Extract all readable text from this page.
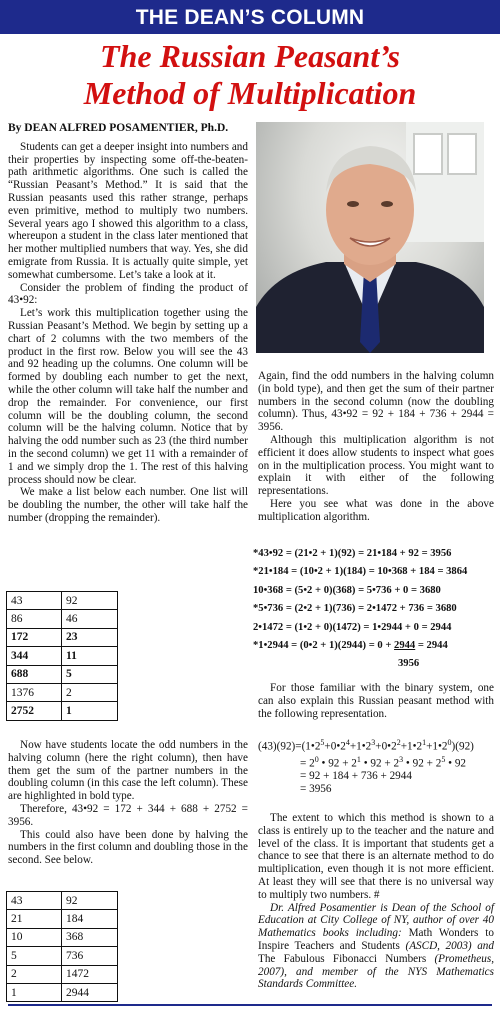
THE DEAN’S COLUMN
The Russian Peasant’s
Method of Multiplication

By DEAN ALFRED POSAMENTIER, Ph.D.

Students can get a deeper insight into numbers and their properties by inspecting some off-the-beaten-path arithmetic algorithms. One such is called the “Russian Peasant’s Method.” It is said that the Russian peasants used this rather strange, perhaps even primitive, method to multiply two numbers. Several years ago I showed this algorithm to a class, whereupon a student in the class later mentioned that her mother multiplied numbers that way. Yes, she did emigrate from Russia. It is actually quite simple, yet somewhat cumbersome. Let’s take a look at it.

Consider the problem of finding the product of 43•92:

Let’s work this multiplication together using the Russian Peasant’s Method. We begin by setting up a chart of 2 columns with the two members of the product in the first row. Below you will see the 43 and 92 heading up the columns. One column will be formed by doubling each number to get the next, while the other column will take half the number and drop the remainder. For convenience, our first column will be the doubling column, the second column will be the halving column. Notice that by halving the odd number such as 23 (the third number in the second column) we get 11 with a remainder of 1 and we simply drop the 1. The rest of this halving process should now be clear.

We make a list below each number. One list will be doubling the number, the other will take half the number (dropping the remainder).

43	92
86	46
172	23
344	11
688	5
1376	2
2752	1

Now have students locate the odd numbers in the halving column (here the right column), then have them get the sum of the partner numbers in the doubling column (in this case the left column). These are highlighted in bold type.

Therefore, 43•92 = 172 + 344 + 688 + 2752 = 3956.

This could also have been done by halving the numbers in the first column and doubling those in the second. See below.

43	92
21	184
10	368
5	736
2	1472
1	2944

Again, find the odd numbers in the halving column (in bold type), and then get the sum of their partner numbers in the second column (now the doubling column). Thus, 43•92 = 92 + 184 + 736 + 2944 = 3956.

Although this multiplication algorithm is not efficient it does allow students to inspect what goes on in the multiplication process. You might want to explain it with either of the following representations.

Here you see what was done in the above multiplication algorithm.

*43•92 = (21•2 + 1)(92) = 21•184 + 92 = 3956
*21•184 = (10•2 + 1)(184) = 10•368 + 184 = 3864
10•368 = (5•2 + 0)(368) = 5•736 + 0 = 3680
*5•736 = (2•2 + 1)(736) = 2•1472 + 736 = 3680
2•1472 = (1•2 + 0)(1472) = 1•2944 + 0 = 2944
*1•2944 = (0•2 + 1)(2944) = 0 + 2944 = 2944
3956

For those familiar with the binary system, one can also explain this Russian peasant method with the following representation.

$(43)(92)=(1•2^5+0•2^4+1•2^3+0•2^2+1•2^1+1•2^0)(92)$
= $2^0$ • $92 + 2^1$ • $92 + 2^3$ • $92 + 2^5$ • 92
= 92 + 184 + 736 + 2944
= 3956

The extent to which this method is shown to a class is entirely up to the teacher and the nature and level of the class. It is important that students get a chance to see that there is an alternate method to do multiplication, even though it is not more efficient. At least they will see that there is no universal way to multiply two numbers. #

Dr. Alfred Posamentier is Dean of the School of Education at City College of NY, author of over 40 Mathematics books including: Math Wonders to Inspire Teachers and Students (ASCD, 2003) and The Fabulous Fibonacci Numbers (Prometheus, 2007), and member of the NYS Mathematics Standards Committee.
